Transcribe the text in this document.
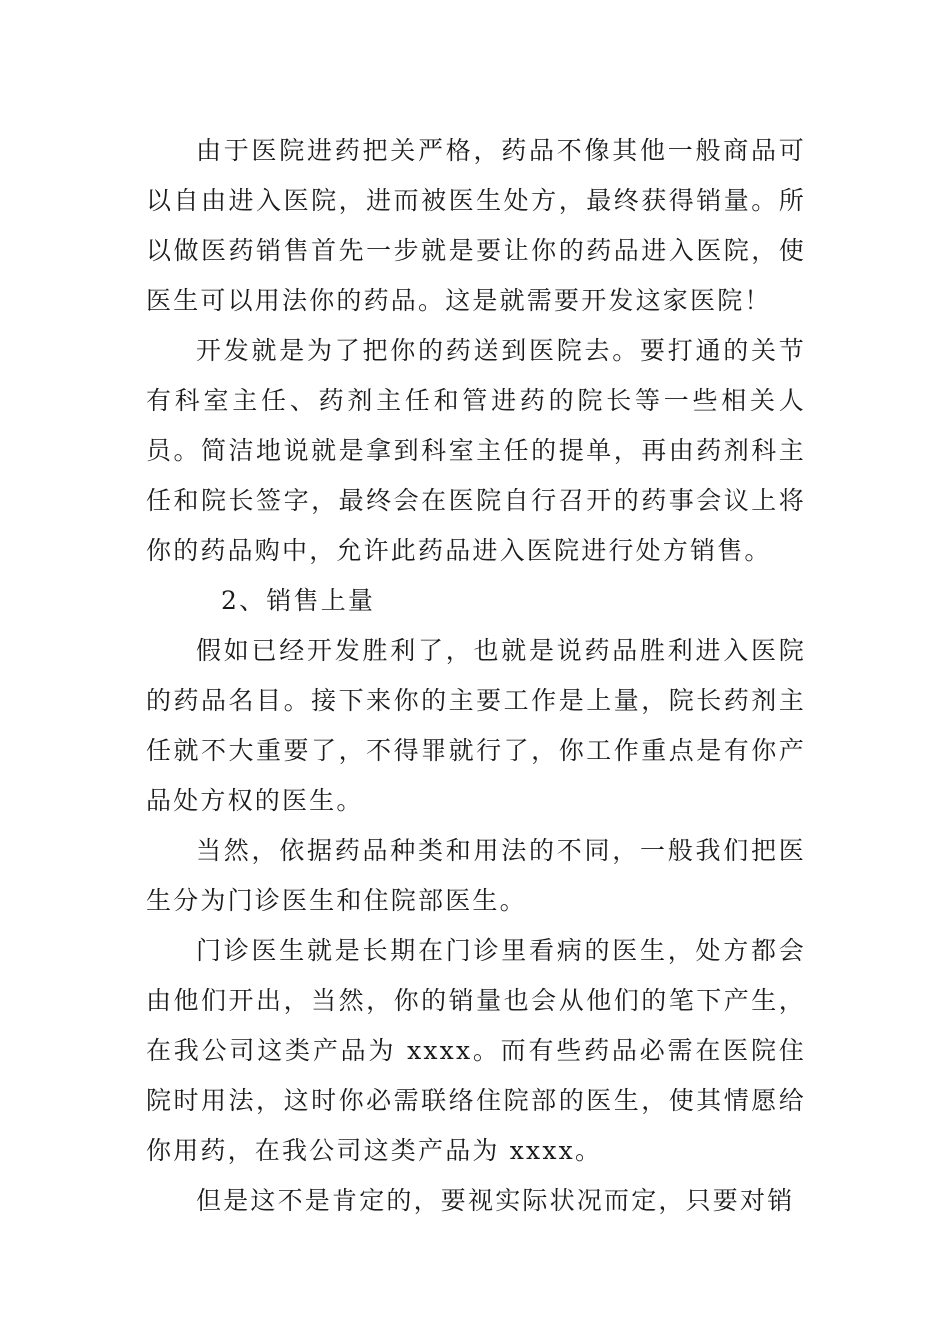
由于医院进药把关严格，药品不像其他一般商品可以自由进入医院，进而被医生处方，最终获得销量。所以做医药销售首先一步就是要让你的药品进入医院，使医生可以用法你的药品。这是就需要开发这家医院！

开发就是为了把你的药送到医院去。要打通的关节有科室主任、药剂主任和管进药的院长等一些相关人员。简洁地说就是拿到科室主任的提单，再由药剂科主任和院长签字，最终会在医院自行召开的药事会议上将你的药品购中，允许此药品进入医院进行处方销售。

2、销售上量

假如已经开发胜利了，也就是说药品胜利进入医院的药品名目。接下来你的主要工作是上量，院长药剂主任就不大重要了，不得罪就行了，你工作重点是有你产品处方权的医生。

当然，依据药品种类和用法的不同，一般我们把医生分为门诊医生和住院部医生。

门诊医生就是长期在门诊里看病的医生，处方都会由他们开出，当然，你的销量也会从他们的笔下产生，在我公司这类产品为 xxxx。而有些药品必需在医院住院时用法，这时你必需联络住院部的医生，使其情愿给你用药，在我公司这类产品为 xxxx。

但是这不是肯定的，要视实际状况而定，只要对销
